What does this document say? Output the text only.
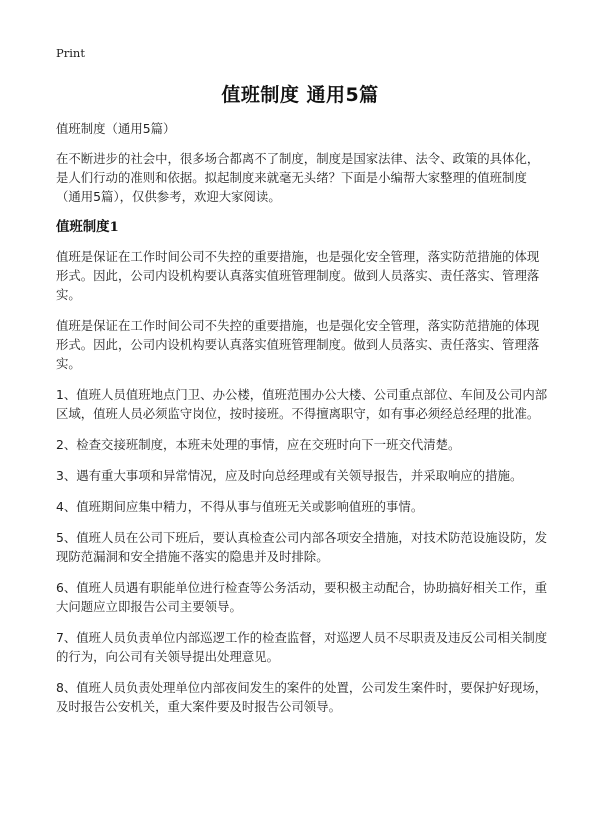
Print
值班制度 通用5篇

值班制度（通用5篇）

在不断进步的社会中，很多场合都离不了制度，制度是国家法律、法令、政策的具体化，是人们行动的准则和依据。拟起制度来就毫无头绪？下面是小编帮大家整理的值班制度（通用5篇），仅供参考，欢迎大家阅读。

值班制度1

值班是保证在工作时间公司不失控的重要措施，也是强化安全管理，落实防范措施的体现形式。因此，公司内设机构要认真落实值班管理制度。做到人员落实、责任落实、管理落实。

值班是保证在工作时间公司不失控的重要措施，也是强化安全管理，落实防范措施的体现形式。因此，公司内设机构要认真落实值班管理制度。做到人员落实、责任落实、管理落实。

1、值班人员值班地点门卫、办公楼，值班范围办公大楼、公司重点部位、车间及公司内部区域，值班人员必须监守岗位，按时接班。不得擅离职守，如有事必须经总经理的批准。

2、检查交接班制度，本班未处理的事情，应在交班时向下一班交代清楚。

3、遇有重大事项和异常情况，应及时向总经理或有关领导报告，并采取响应的措施。

4、值班期间应集中精力，不得从事与值班无关或影响值班的事情。

5、值班人员在公司下班后，要认真检查公司内部各项安全措施，对技术防范设施设防，发现防范漏洞和安全措施不落实的隐患并及时排除。

6、值班人员遇有职能单位进行检查等公务活动，要积极主动配合，协助搞好相关工作，重大问题应立即报告公司主要领导。

7、值班人员负责单位内部巡逻工作的检查监督，对巡逻人员不尽职责及违反公司相关制度的行为，向公司有关领导提出处理意见。

8、值班人员负责处理单位内部夜间发生的案件的处置，公司发生案件时，要保护好现场，及时报告公安机关，重大案件要及时报告公司领导。
